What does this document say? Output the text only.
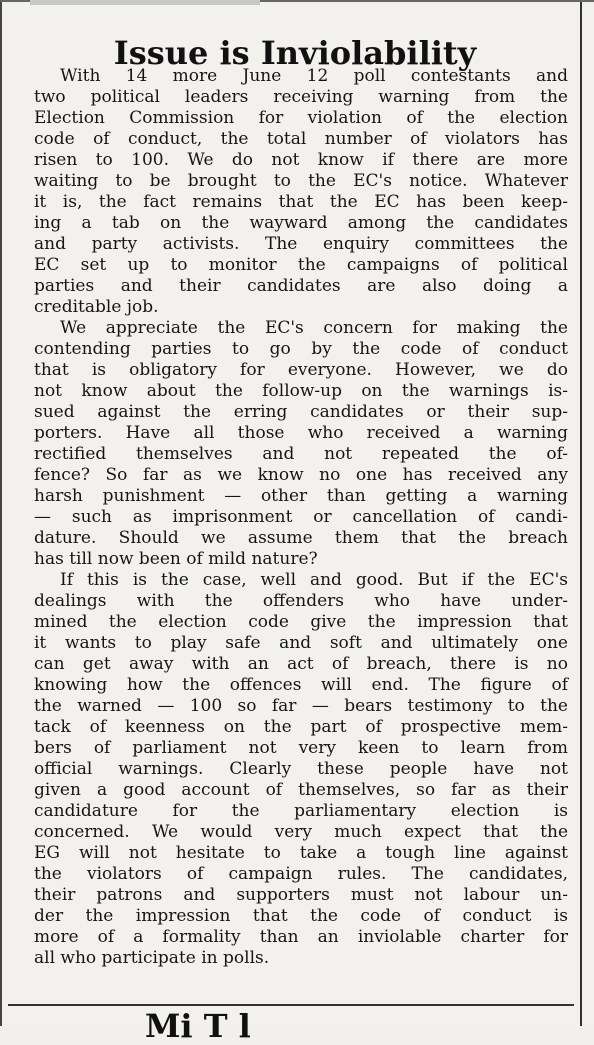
Issue is Inviolability
With 14 more June 12 poll contestants and
two political leaders receiving warning from the
Election Commission for violation of the election
code of conduct, the total number of violators has
risen to 100. We do not know if there are more
waiting to be brought to the EC's notice. Whatever
it is, the fact remains that the EC has been keep-
ing a tab on the wayward among the candidates
and party activists. The enquiry committees the
EC set up to monitor the campaigns of political
parties and their candidates are also doing a
creditable job.
We appreciate the EC's concern for making the
contending parties to go by the code of conduct
that is obligatory for everyone. However, we do
not know about the follow-up on the warnings is-
sued against the erring candidates or their sup-
porters. Have all those who received a warning
rectified themselves and not repeated the of-
fence? So far as we know no one has received any
harsh punishment — other than getting a warning
— such as imprisonment or cancellation of candi-
dature. Should we assume them that the breach
has till now been of mild nature?
If this is the case, well and good. But if the EC's
dealings with the offenders who have under-
mined the election code give the impression that
it wants to play safe and soft and ultimately one
can get away with an act of breach, there is no
knowing how the offences will end. The figure of
the warned — 100 so far — bears testimony to the
tack of keenness on the part of prospective mem-
bers of parliament not very keen to learn from
official warnings. Clearly these people have not
given a good account of themselves, so far as their
candidature for the parliamentary election is
concerned. We would very much expect that the
EG will not hesitate to take a tough line against
the violators of campaign rules. The candidates,
their patrons and supporters must not labour un-
der the impression that the code of conduct is
more of a formality than an inviolable charter for
all who participate in polls.
Mi T l
